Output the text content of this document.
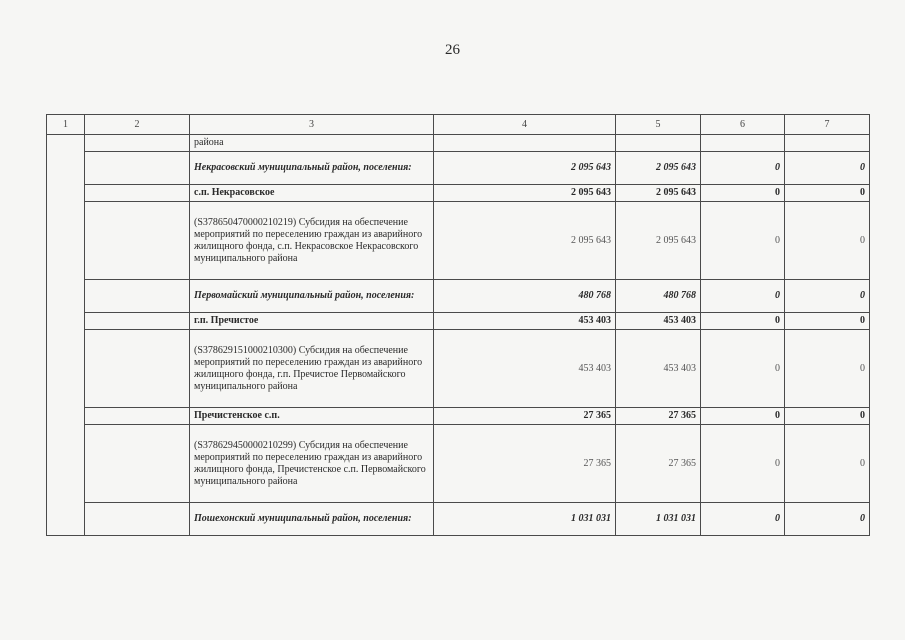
26
1	2	3	4	5	6	7
		района				
		Некрасовский муниципальный район, поселения:	2 095 643	2 095 643	0	0
		с.п. Некрасовское	2 095 643	2 095 643	0	0
		(S378650470000210219) Субсидия на обеспечение мероприятий по переселению граждан из аварийного жилищного фонда, с.п. Некрасовское Некрасовского муниципального района	2 095 643	2 095 643	0	0
		Первомайский муниципальный район, поселения:	480 768	480 768	0	0
		г.п. Пречистое	453 403	453 403	0	0
		(S378629151000210300) Субсидия на обеспечение мероприятий по переселению граждан из аварийного жилищного фонда, г.п. Пречистое Первомайского муниципального района	453 403	453 403	0	0
		Пречистенское с.п.	27 365	27 365	0	0
		(S378629450000210299) Субсидия на обеспечение мероприятий по переселению граждан из аварийного жилищного фонда, Пречистенское с.п. Первомайского муниципального района	27 365	27 365	0	0
		Пошехонский муниципальный район, поселения:	1 031 031	1 031 031	0	0
